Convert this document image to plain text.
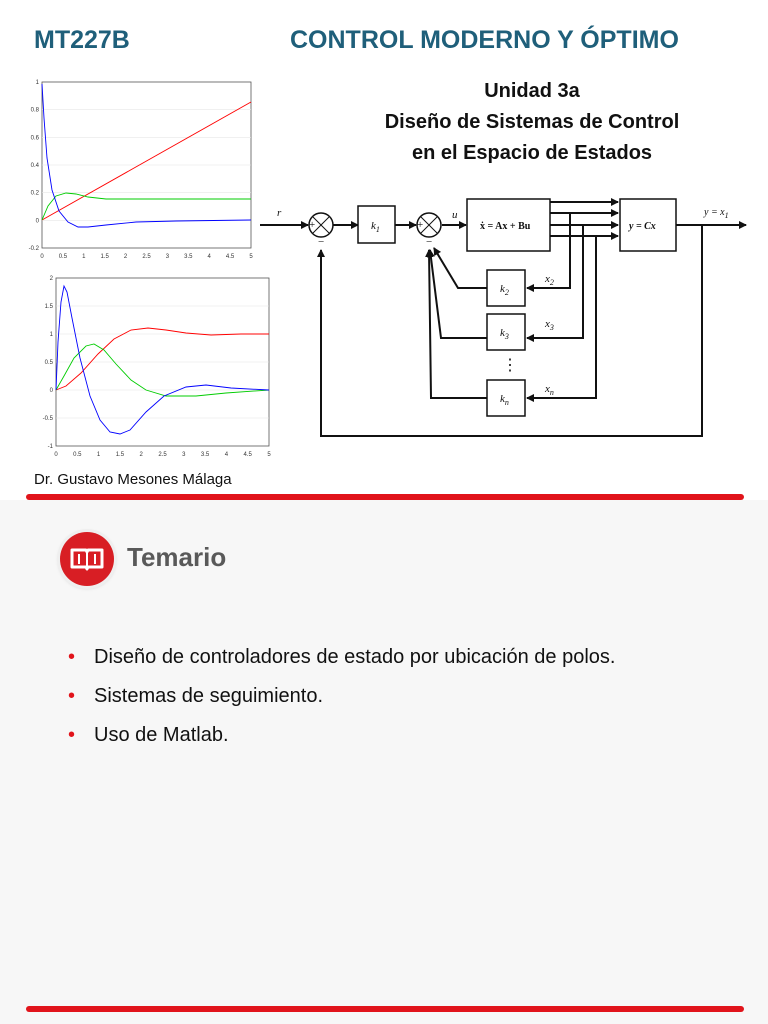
MT227B	CONTROL MODERNO Y ÓPTIMO
Unidad 3a
Diseño de Sistemas de Control
en el Espacio de Estados
1
0.8
0.6
0.4
0.2
0
-0.2
0	0.5	1	1.5	2	2.5	3	3.5	4	4.5	5
2
1.5
1
0.5
0
-0.5
-1
0	0.5	1	1.5	2	2.5	3	3.5	4	4.5	5
r	u
$k_1$	ẋ = Ax + Bu	y = Cx
$y = x_1$
$k_2$
$k_3$
$k_n$
$x_2$
$x_3$
$x_n$
⋮
+
−
+
−
Dr. Gustavo Mesones Málaga
Temario
• Diseño de controladores de estado por ubicación de polos.
• Sistemas de seguimiento.
• Uso de Matlab.
